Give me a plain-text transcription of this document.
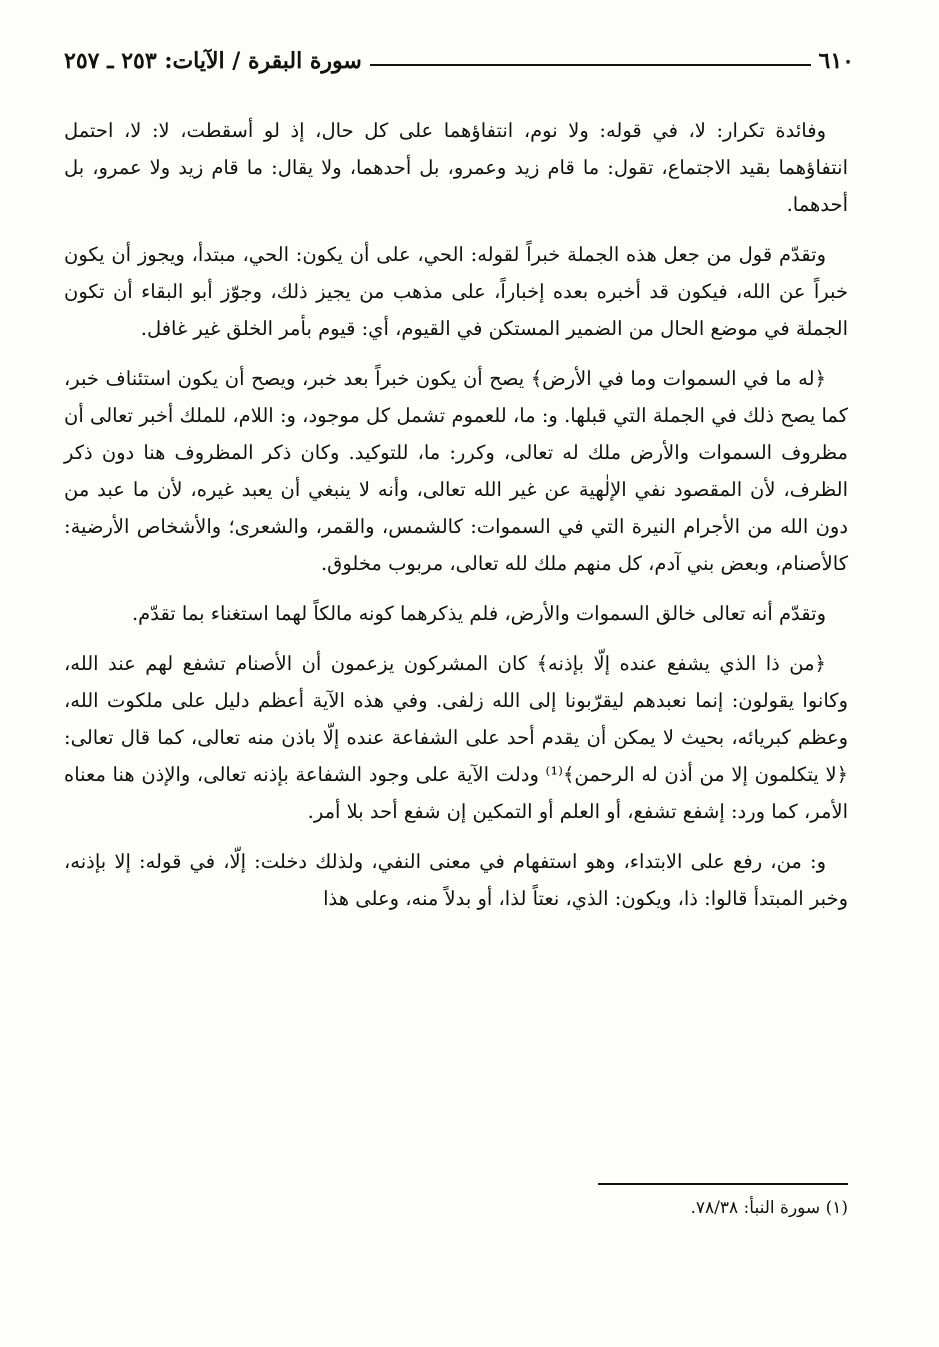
٦١٠
سورة البقرة / الآيات: ٢٥٣ ـ ٢٥٧

وفائدة تكرار: لا، في قوله: ولا نوم، انتفاؤهما على كل حال، إذ لو أسقطت، لا: لا، احتمل انتفاؤهما بقيد الاجتماع، تقول: ما قام زيد وعمرو، بل أحدهما، ولا يقال: ما قام زيد ولا عمرو، بل أحدهما.

وتقدّم قول من جعل هذه الجملة خبراً لقوله: الحي، على أن يكون: الحي، مبتدأ، ويجوز أن يكون خبراً عن الله، فيكون قد أخبره بعده إخباراً، على مذهب من يجيز ذلك، وجوّز أبو البقاء أن تكون الجملة في موضع الحال من الضمير المستكن في القيوم، أي: قيوم بأمر الخلق غير غافل.

﴿له ما في السموات وما في الأرض﴾ يصح أن يكون خبراً بعد خبر، ويصح أن يكون استئناف خبر، كما يصح ذلك في الجملة التي قبلها. و: ما، للعموم تشمل كل موجود، و: اللام، للملك أخبر تعالى أن مظروف السموات والأرض ملك له تعالى، وكرر: ما، للتوكيد. وكان ذكر المظروف هنا دون ذكر الظرف، لأن المقصود نفي الإلٰهية عن غير الله تعالى، وأنه لا ينبغي أن يعبد غيره، لأن ما عبد من دون الله من الأجرام النيرة التي في السموات: كالشمس، والقمر، والشعرى؛ والأشخاص الأرضية: كالأصنام، وبعض بني آدم، كل منهم ملك لله تعالى، مربوب مخلوق.

وتقدّم أنه تعالى خالق السموات والأرض، فلم يذكرهما كونه مالكاً لهما استغناء بما تقدّم.

﴿من ذا الذي يشفع عنده إلّا بإذنه﴾ كان المشركون يزعمون أن الأصنام تشفع لهم عند الله، وكانوا يقولون: إنما نعبدهم ليقرّبونا إلى الله زلفى. وفي هذه الآية أعظم دليل على ملكوت الله، وعظم كبريائه، بحيث لا يمكن أن يقدم أحد على الشفاعة عنده إلّا باذن منه تعالى، كما قال تعالى: ﴿لا يتكلمون إلا من أذن له الرحمن﴾⁽¹⁾ ودلت الآية على وجود الشفاعة بإذنه تعالى، والإذن هنا معناه الأمر، كما ورد: إشفع تشفع، أو العلم أو التمكين إن شفع أحد بلا أمر.

و: من، رفع على الابتداء، وهو استفهام في معنى النفي، ولذلك دخلت: إلّا، في قوله: إلا بإذنه، وخبر المبتدأ قالوا: ذا، ويكون: الذي، نعتاً لذا، أو بدلاً منه، وعلى هذا

(١) سورة النبأ: ٧٨/٣٨.
